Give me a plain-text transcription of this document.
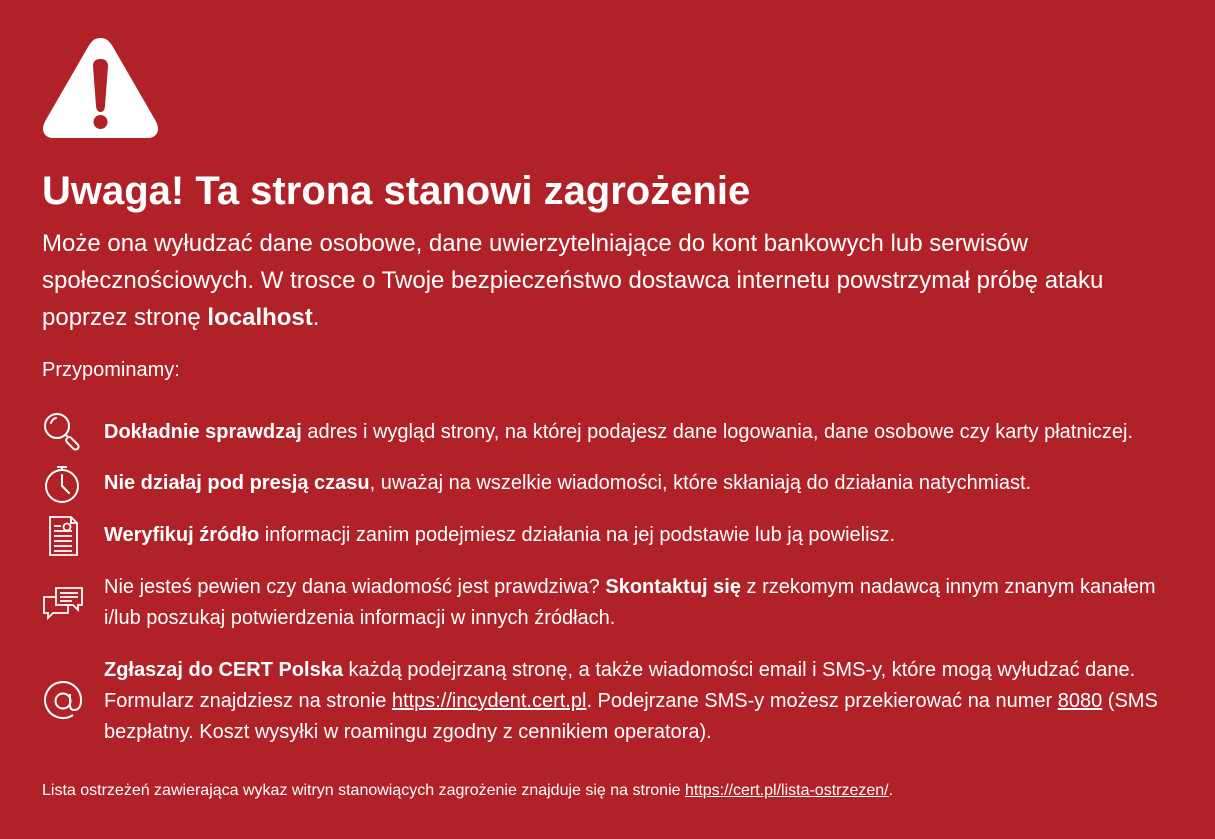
Uwaga! Ta strona stanowi zagrożenie

Może ona wyłudzać dane osobowe, dane uwierzytelniające do kont bankowych lub serwisów społecznościowych. W trosce o Twoje bezpieczeństwo dostawca internetu powstrzymał próbę ataku poprzez stronę localhost.

Przypominamy:

Dokładnie sprawdzaj adres i wygląd strony, na której podajesz dane logowania, dane osobowe czy karty płatniczej.

Nie działaj pod presją czasu, uważaj na wszelkie wiadomości, które skłaniają do działania natychmiast.

Weryfikuj źródło informacji zanim podejmiesz działania na jej podstawie lub ją powielisz.

Nie jesteś pewien czy dana wiadomość jest prawdziwa? Skontaktuj się z rzekomym nadawcą innym znanym kanałem i/lub poszukaj potwierdzenia informacji w innych źródłach.

Zgłaszaj do CERT Polska każdą podejrzaną stronę, a także wiadomości email i SMS-y, które mogą wyłudzać dane. Formularz znajdziesz na stronie https://incydent.cert.pl. Podejrzane SMS-y możesz przekierować na numer 8080 (SMS bezpłatny. Koszt wysyłki w roamingu zgodny z cennikiem operatora).

Lista ostrzeżeń zawierająca wykaz witryn stanowiących zagrożenie znajduje się na stronie https://cert.pl/lista-ostrzezen/.
